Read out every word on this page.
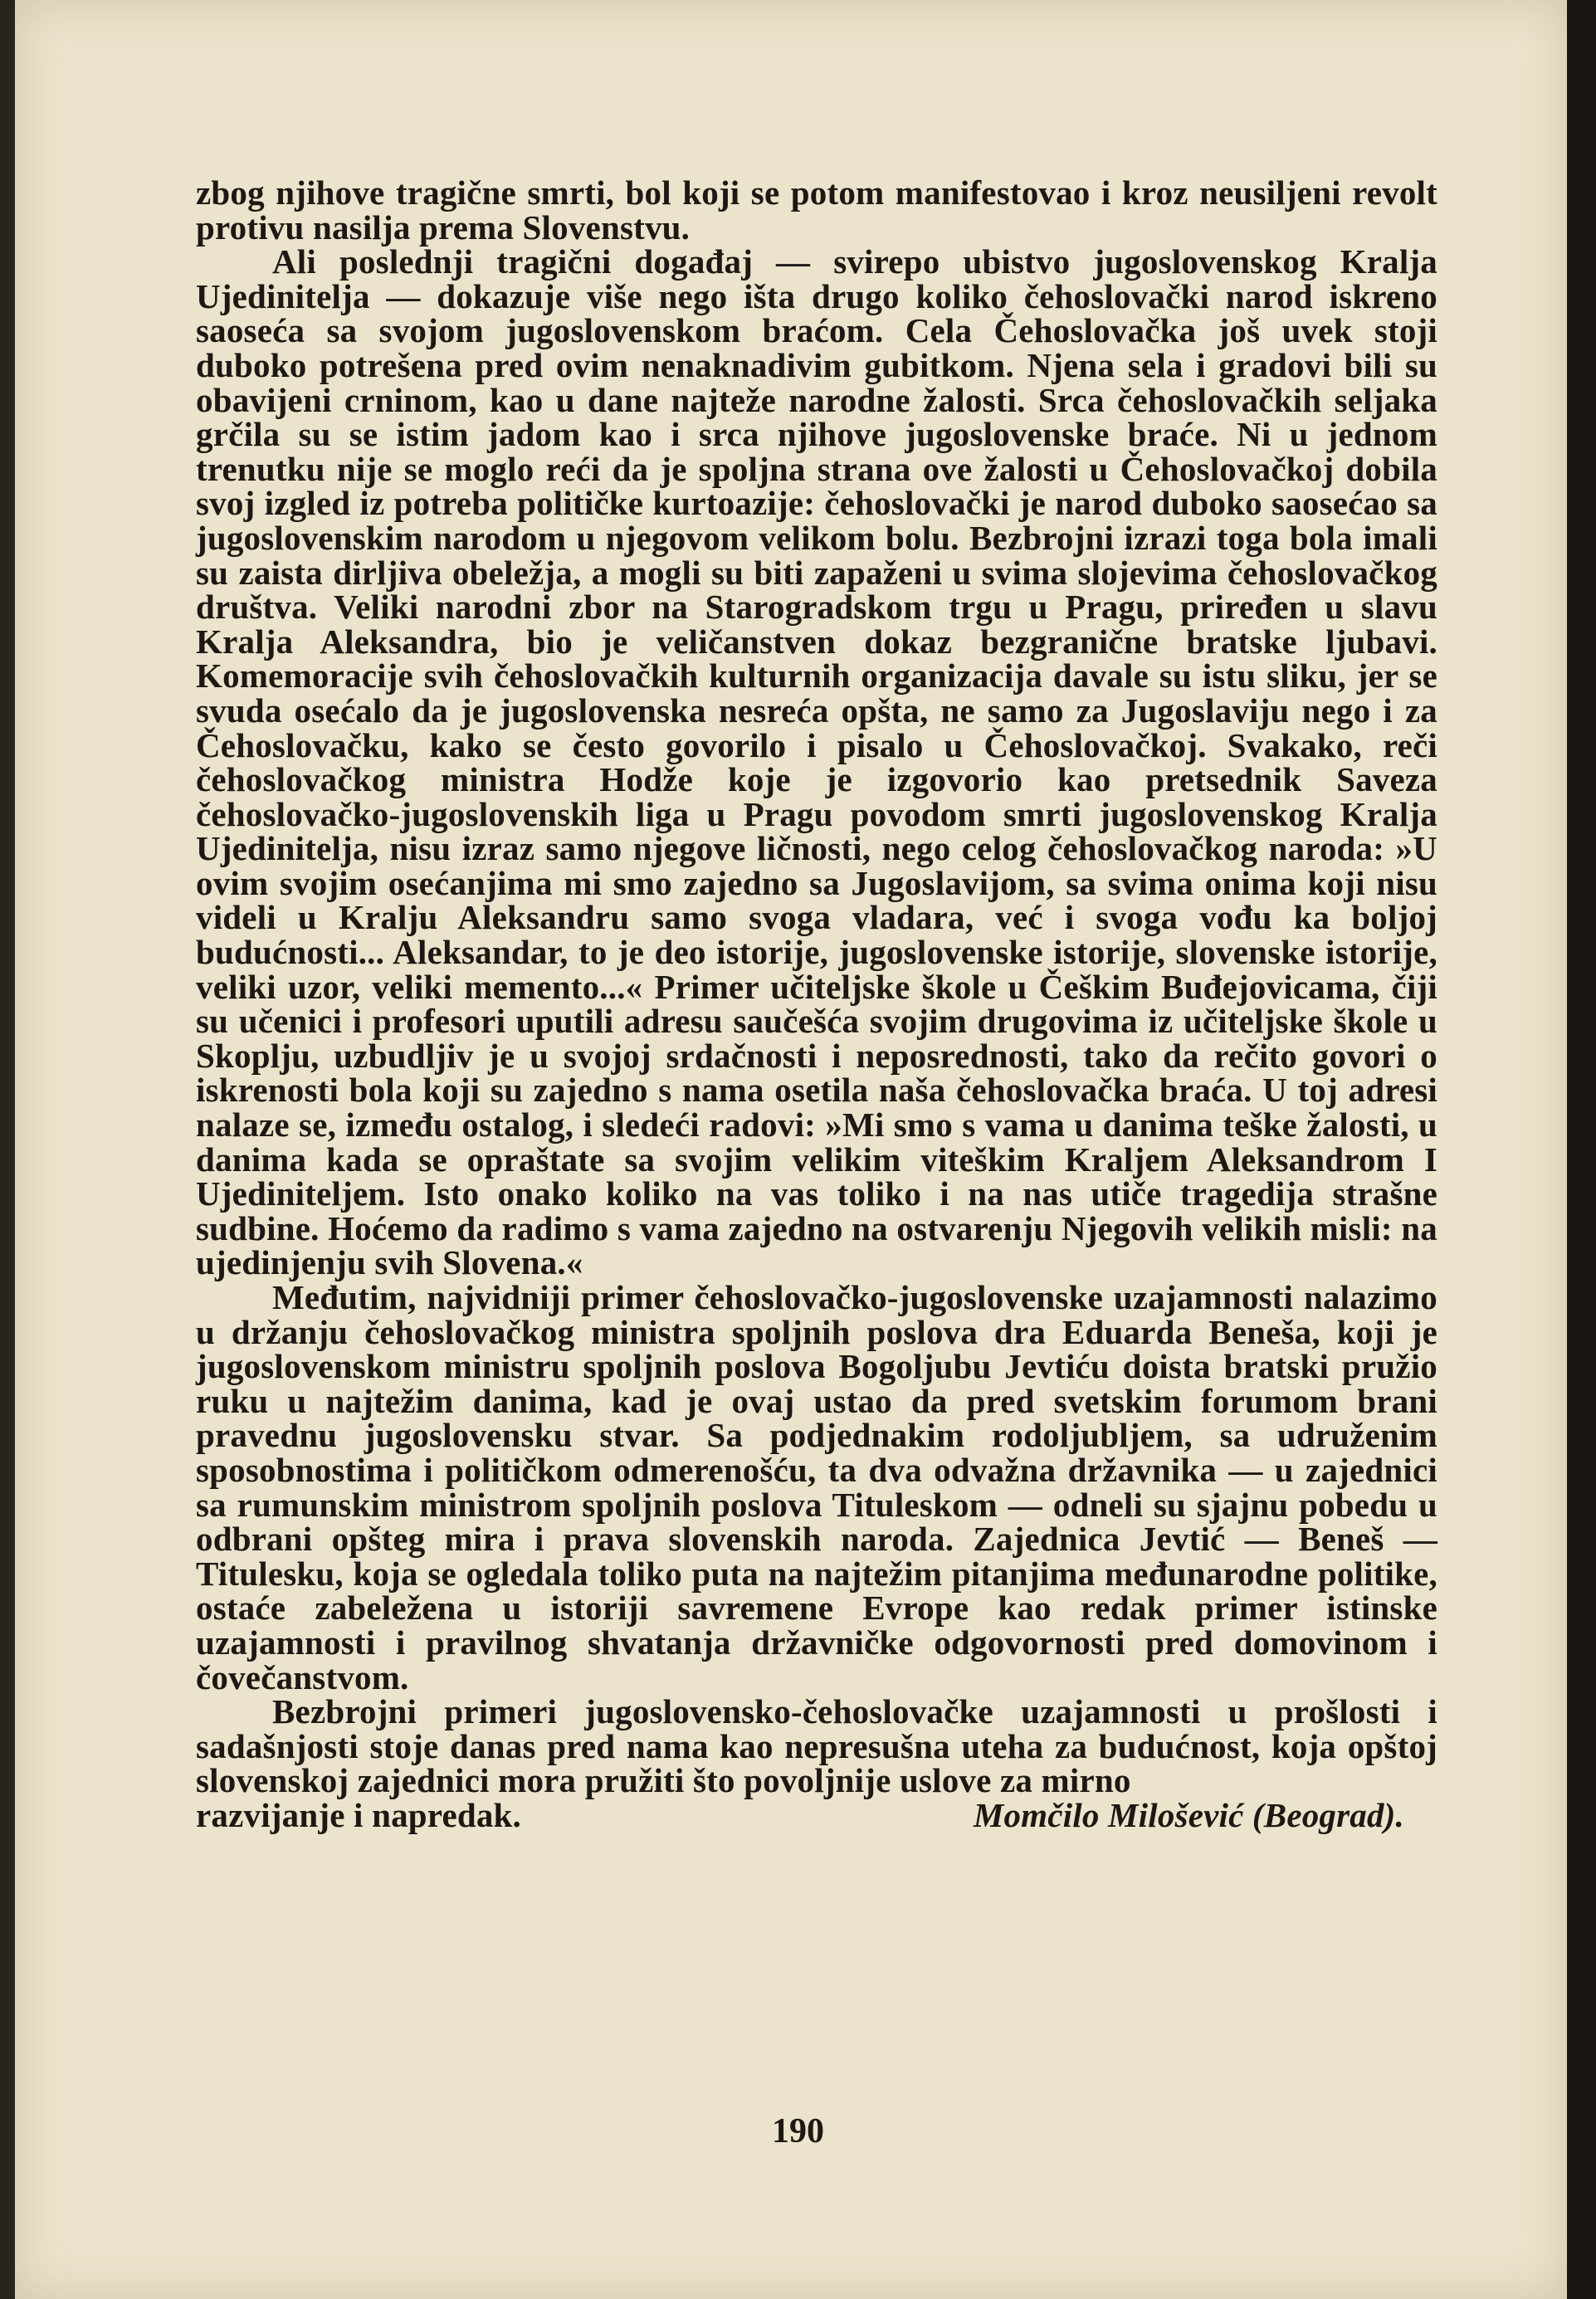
zbog njihove tragične smrti, bol koji se potom manifestovao i kroz neusiljeni revolt protivu nasilja prema Slovenstvu.

Ali poslednji tragični događaj — svirepo ubistvo jugoslovenskog Kralja Ujedinitelja — dokazuje više nego išta drugo koliko čehoslovački narod iskreno saoseća sa svojom jugoslovenskom braćom. Cela Čehoslovačka još uvek stoji duboko potrešena pred ovim nenaknadivim gubitkom. Njena sela i gradovi bili su obavijeni crninom, kao u dane najteže narodne žalosti. Srca čehoslovačkih seljaka grčila su se istim jadom kao i srca njihove jugoslovenske braće. Ni u jednom trenutku nije se moglo reći da je spoljna strana ove žalosti u Čehoslovačkoj dobila svoj izgled iz potreba političke kurtoazije: čehoslovački je narod duboko saosećao sa jugoslovenskim narodom u njegovom velikom bolu. Bezbrojni izrazi toga bola imali su zaista dirljiva obeležja, a mogli su biti zapaženi u svima slojevima čehoslovačkog društva. Veliki narodni zbor na Starogradskom trgu u Pragu, priređen u slavu Kralja Aleksandra, bio je veličanstven dokaz bezgranične bratske ljubavi. Komemoracije svih čehoslovačkih kulturnih organizacija davale su istu sliku, jer se svuda osećalo da je jugoslovenska nesreća opšta, ne samo za Jugoslaviju nego i za Čehoslovačku, kako se često govorilo i pisalo u Čehoslovačkoj. Svakako, reči čehoslovačkog ministra Hodže koje je izgovorio kao pretsednik Saveza čehoslovačko-jugoslovenskih liga u Pragu povodom smrti jugoslovenskog Kralja Ujedinitelja, nisu izraz samo njegove ličnosti, nego celog čehoslovačkog naroda: »U ovim svojim osećanjima mi smo zajedno sa Jugoslavijom, sa svima onima koji nisu videli u Kralju Aleksandru samo svoga vladara, već i svoga vođu ka boljoj budućnosti... Aleksandar, to je deo istorije, jugoslovenske istorije, slovenske istorije, veliki uzor, veliki memento...« Primer učiteljske škole u Češkim Buđejovicama, čiji su učenici i profesori uputili adresu saučešća svojim drugovima iz učiteljske škole u Skoplju, uzbudljiv je u svojoj srdačnosti i neposrednosti, tako da rečito govori o iskrenosti bola koji su zajedno s nama osetila naša čehoslovačka braća. U toj adresi nalaze se, između ostalog, i sledeći radovi: »Mi smo s vama u danima teške žalosti, u danima kada se opraštate sa svojim velikim viteškim Kraljem Aleksandrom I Ujediniteljem. Isto onako koliko na vas toliko i na nas utiče tragedija strašne sudbine. Hoćemo da radimo s vama zajedno na ostvarenju Njegovih velikih misli: na ujedinjenju svih Slovena.«

Međutim, najvidniji primer čehoslovačko-jugoslovenske uzajamnosti nalazimo u držanju čehoslovačkog ministra spoljnih poslova dra Eduarda Beneša, koji je jugoslovenskom ministru spoljnih poslova Bogoljubu Jevtiću doista bratski pružio ruku u najtežim danima, kad je ovaj ustao da pred svetskim forumom brani pravednu jugoslovensku stvar. Sa podjednakim rodoljubljem, sa udruženim sposobnostima i političkom odmerenošću, ta dva odvažna državnika — u zajednici sa rumunskim ministrom spoljnih poslova Tituleskom — odneli su sjajnu pobedu u odbrani opšteg mira i prava slovenskih naroda. Zajednica Jevtić — Beneš — Titulesku, koja se ogledala toliko puta na najtežim pitanjima međunarodne politike, ostaće zabeležena u istoriji savremene Evrope kao redak primer istinske uzajamnosti i pravilnog shvatanja državničke odgovornosti pred domovinom i čovečanstvom.

Bezbrojni primeri jugoslovensko-čehoslovačke uzajamnosti u prošlosti i sadašnjosti stoje danas pred nama kao nepresušna uteha za budućnost, koja opštoj slovenskoj zajednici mora pružiti što povoljnije uslove za mirno

razvijanje i napredak.	Momčilo Milošević (Beograd).
190
